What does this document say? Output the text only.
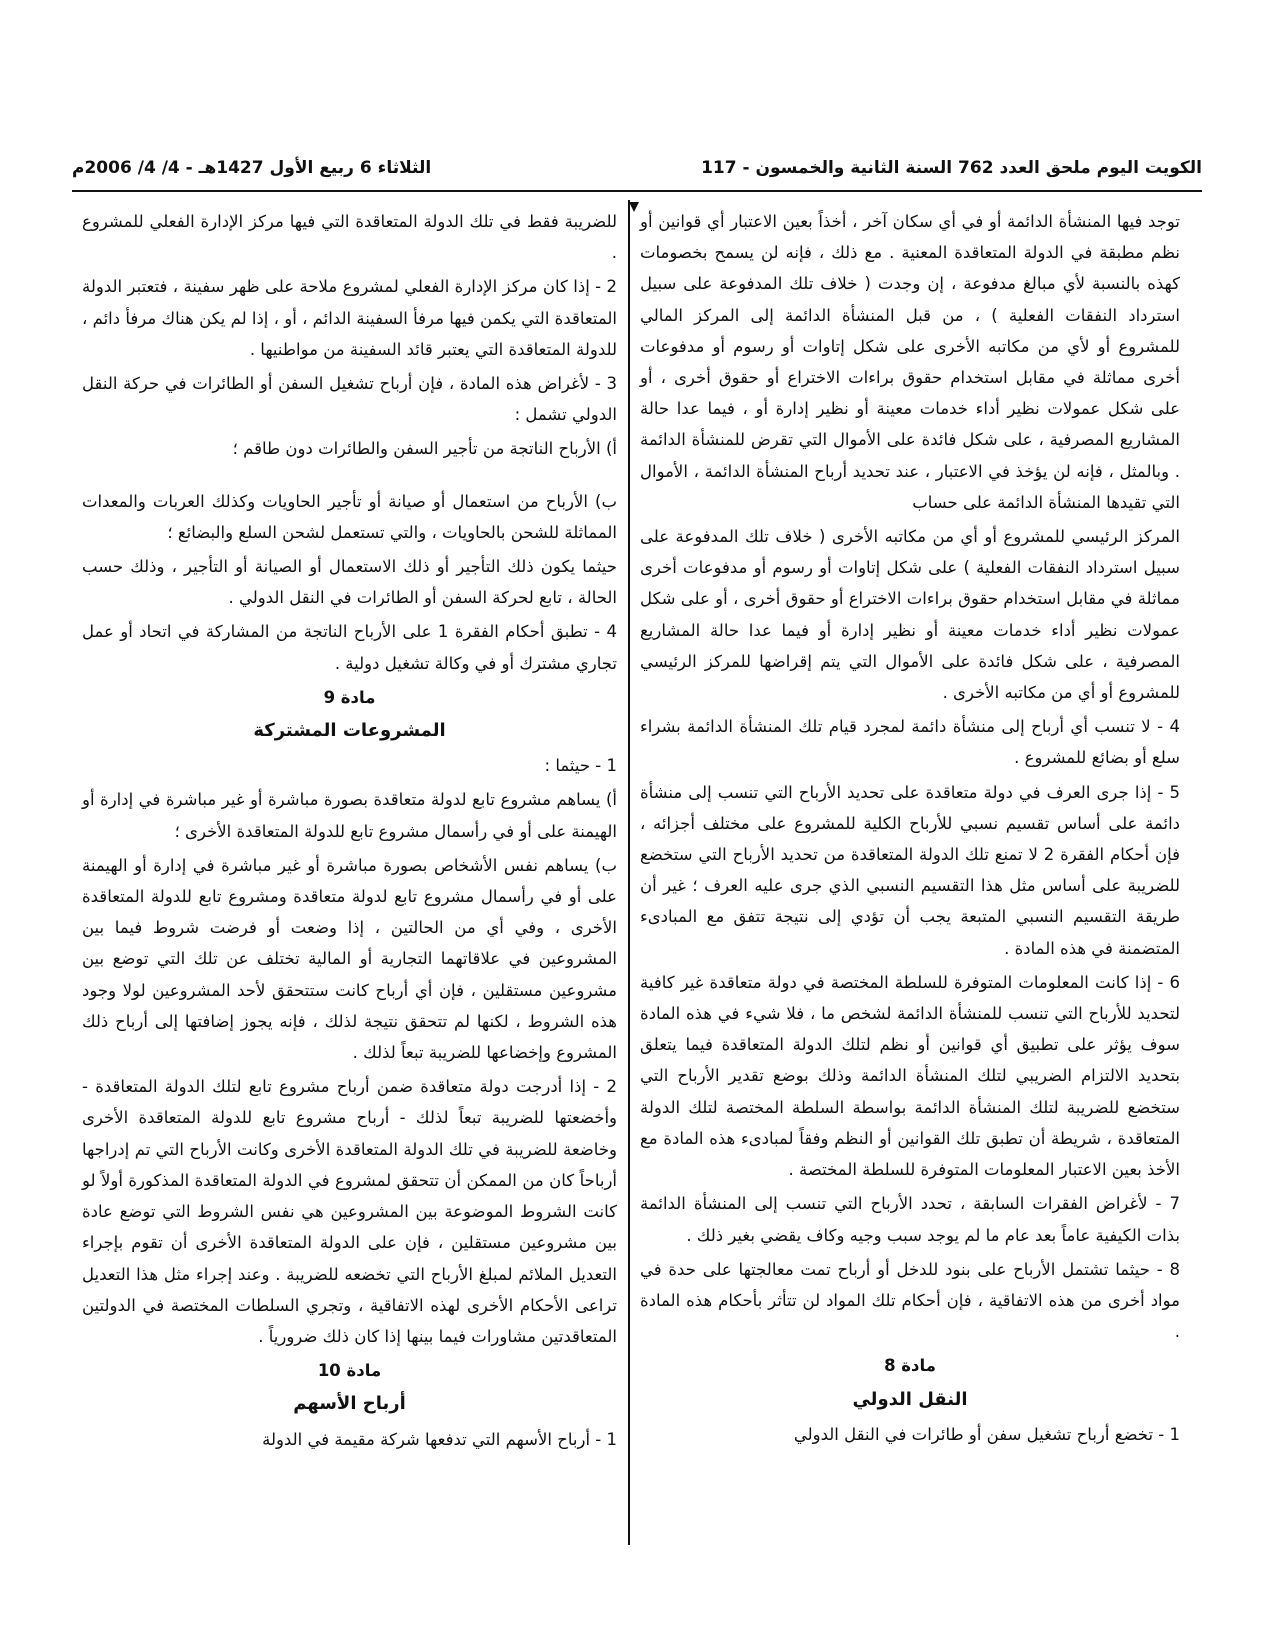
الكويت اليوم ملحق العدد 762 السنة الثانية والخمسون - 117
الثلاثاء 6 ربيع الأول 1427هـ - 4/ 4/ 2006م

توجد فيها المنشأة الدائمة أو في أي سكان آخر ، أخذاً بعين الاعتبار أي قوانين أو نظم مطبقة في الدولة المتعاقدة المعنية . مع ذلك ، فإنه لن يسمح بخصومات كهذه بالنسبة لأي مبالغ مدفوعة ، إن وجدت ( خلاف تلك المدفوعة على سبيل استرداد النفقات الفعلية ) ، من قبل المنشأة الدائمة إلى المركز المالي للمشروع أو لأي من مكاتبه الأخرى على شكل إتاوات أو رسوم أو مدفوعات أخرى مماثلة في مقابل استخدام حقوق براءات الاختراع أو حقوق أخرى ، أو على شكل عمولات نظير أداء خدمات معينة أو نظير إدارة أو ، فيما عدا حالة المشاريع المصرفية ، على شكل فائدة على الأموال التي تقرض للمنشأة الدائمة . وبالمثل ، فإنه لن يؤخذ في الاعتبار ، عند تحديد أرباح المنشأة الدائمة ، الأموال التي تقيدها المنشأة الدائمة على حساب

المركز الرئيسي للمشروع أو أي من مكاتبه الأخرى ( خلاف تلك المدفوعة على سبيل استرداد النفقات الفعلية ) على شكل إتاوات أو رسوم أو مدفوعات أخرى مماثلة في مقابل استخدام حقوق براءات الاختراع أو حقوق أخرى ، أو على شكل عمولات نظير أداء خدمات معينة أو نظير إدارة أو فيما عدا حالة المشاريع المصرفية ، على شكل فائدة على الأموال التي يتم إقراضها للمركز الرئيسي للمشروع أو أي من مكاتبه الأخرى .

4 - لا تنسب أي أرباح إلى منشأة دائمة لمجرد قيام تلك المنشأة الدائمة بشراء سلع أو بضائع للمشروع .

5 - إذا جرى العرف في دولة متعاقدة على تحديد الأرباح التي تنسب إلى منشأة دائمة على أساس تقسيم نسبي للأرباح الكلية للمشروع على مختلف أجزائه ، فإن أحكام الفقرة 2 لا تمنع تلك الدولة المتعاقدة من تحديد الأرباح التي ستخضع للضريبة على أساس مثل هذا التقسيم النسبي الذي جرى عليه العرف ؛ غير أن طريقة التقسيم النسبي المتبعة يجب أن تؤدي إلى نتيجة تتفق مع المبادىء المتضمنة في هذه المادة .

6 - إذا كانت المعلومات المتوفرة للسلطة المختصة في دولة متعاقدة غير كافية لتحديد للأرباح التي تنسب للمنشأة الدائمة لشخص ما ، فلا شيء في هذه المادة سوف يؤثر على تطبيق أي قوانين أو نظم لتلك الدولة المتعاقدة فيما يتعلق بتحديد الالتزام الضريبي لتلك المنشأة الدائمة وذلك بوضع تقدير الأرباح التي ستخضع للضريبة لتلك المنشأة الدائمة بواسطة السلطة المختصة لتلك الدولة المتعاقدة ، شريطة أن تطبق تلك القوانين أو النظم وفقاً لمبادىء هذه المادة مع الأخذ بعين الاعتبار المعلومات المتوفرة للسلطة المختصة .

7 - لأغراض الفقرات السابقة ، تحدد الأرباح التي تنسب إلى المنشأة الدائمة بذات الكيفية عاماً بعد عام ما لم يوجد سبب وجيه وكاف يقضي بغير ذلك .

8 - حيثما تشتمل الأرباح على بنود للدخل أو أرباح تمت معالجتها على حدة في مواد أخرى من هذه الاتفاقية ، فإن أحكام تلك المواد لن تتأثر بأحكام هذه المادة .

مادة 8

النقل الدولي

1 - تخضع أرباح تشغيل سفن أو طائرات في النقل الدولي

للضريبة فقط في تلك الدولة المتعاقدة التي فيها مركز الإدارة الفعلي للمشروع .

2 - إذا كان مركز الإدارة الفعلي لمشروع ملاحة على ظهر سفينة ، فتعتبر الدولة المتعاقدة التي يكمن فيها مرفأ السفينة الدائم ، أو ، إذا لم يكن هناك مرفأ دائم ، للدولة المتعاقدة التي يعتبر قائد السفينة من مواطنيها .

3 - لأغراض هذه المادة ، فإن أرباح تشغيل السفن أو الطائرات في حركة النقل الدولي تشمل :

أ) الأرباح الناتجة من تأجير السفن والطائرات دون طاقم ؛

ب) الأرباح من استعمال أو صيانة أو تأجير الحاويات وكذلك العربات والمعدات المماثلة للشحن بالحاويات ، والتي تستعمل لشحن السلع والبضائع ؛

حيثما يكون ذلك التأجير أو ذلك الاستعمال أو الصيانة أو التأجير ، وذلك حسب الحالة ، تابع لحركة السفن أو الطائرات في النقل الدولي .

4 - تطبق أحكام الفقرة 1 على الأرباح الناتجة من المشاركة في اتحاد أو عمل تجاري مشترك أو في وكالة تشغيل دولية .

مادة 9

المشروعات المشتركة

1 - حيثما :

أ) يساهم مشروع تابع لدولة متعاقدة بصورة مباشرة أو غير مباشرة في إدارة أو الهيمنة على أو في رأسمال مشروع تابع للدولة المتعاقدة الأخرى ؛

ب) يساهم نفس الأشخاص بصورة مباشرة أو غير مباشرة في إدارة أو الهيمنة على أو في رأسمال مشروع تابع لدولة متعاقدة ومشروع تابع للدولة المتعاقدة الأخرى ، وفي أي من الحالتين ، إذا وضعت أو فرضت شروط فيما بين المشروعين في علاقاتهما التجارية أو المالية تختلف عن تلك التي توضع بين مشروعين مستقلين ، فإن أي أرباح كانت ستتحقق لأحد المشروعين لولا وجود هذه الشروط ، لكنها لم تتحقق نتيجة لذلك ، فإنه يجوز إضافتها إلى أرباح ذلك المشروع وإخضاعها للضريبة تبعاً لذلك .

2 - إذا أدرجت دولة متعاقدة ضمن أرباح مشروع تابع لتلك الدولة المتعاقدة - وأخضعتها للضريبة تبعاً لذلك - أرباح مشروع تابع للدولة المتعاقدة الأخرى وخاضعة للضريبة في تلك الدولة المتعاقدة الأخرى وكانت الأرباح التي تم إدراجها أرباحاً كان من الممكن أن تتحقق لمشروع في الدولة المتعاقدة المذكورة أولاً لو كانت الشروط الموضوعة بين المشروعين هي نفس الشروط التي توضع عادة بين مشروعين مستقلين ، فإن على الدولة المتعاقدة الأخرى أن تقوم بإجراء التعديل الملائم لمبلغ الأرباح التي تخضعه للضريبة . وعند إجراء مثل هذا التعديل تراعى الأحكام الأخرى لهذه الاتفاقية ، وتجري السلطات المختصة في الدولتين المتعاقدتين مشاورات فيما بينها إذا كان ذلك ضرورياً .

مادة 10

أرباح الأسهم

1 - أرباح الأسهم التي تدفعها شركة مقيمة في الدولة
